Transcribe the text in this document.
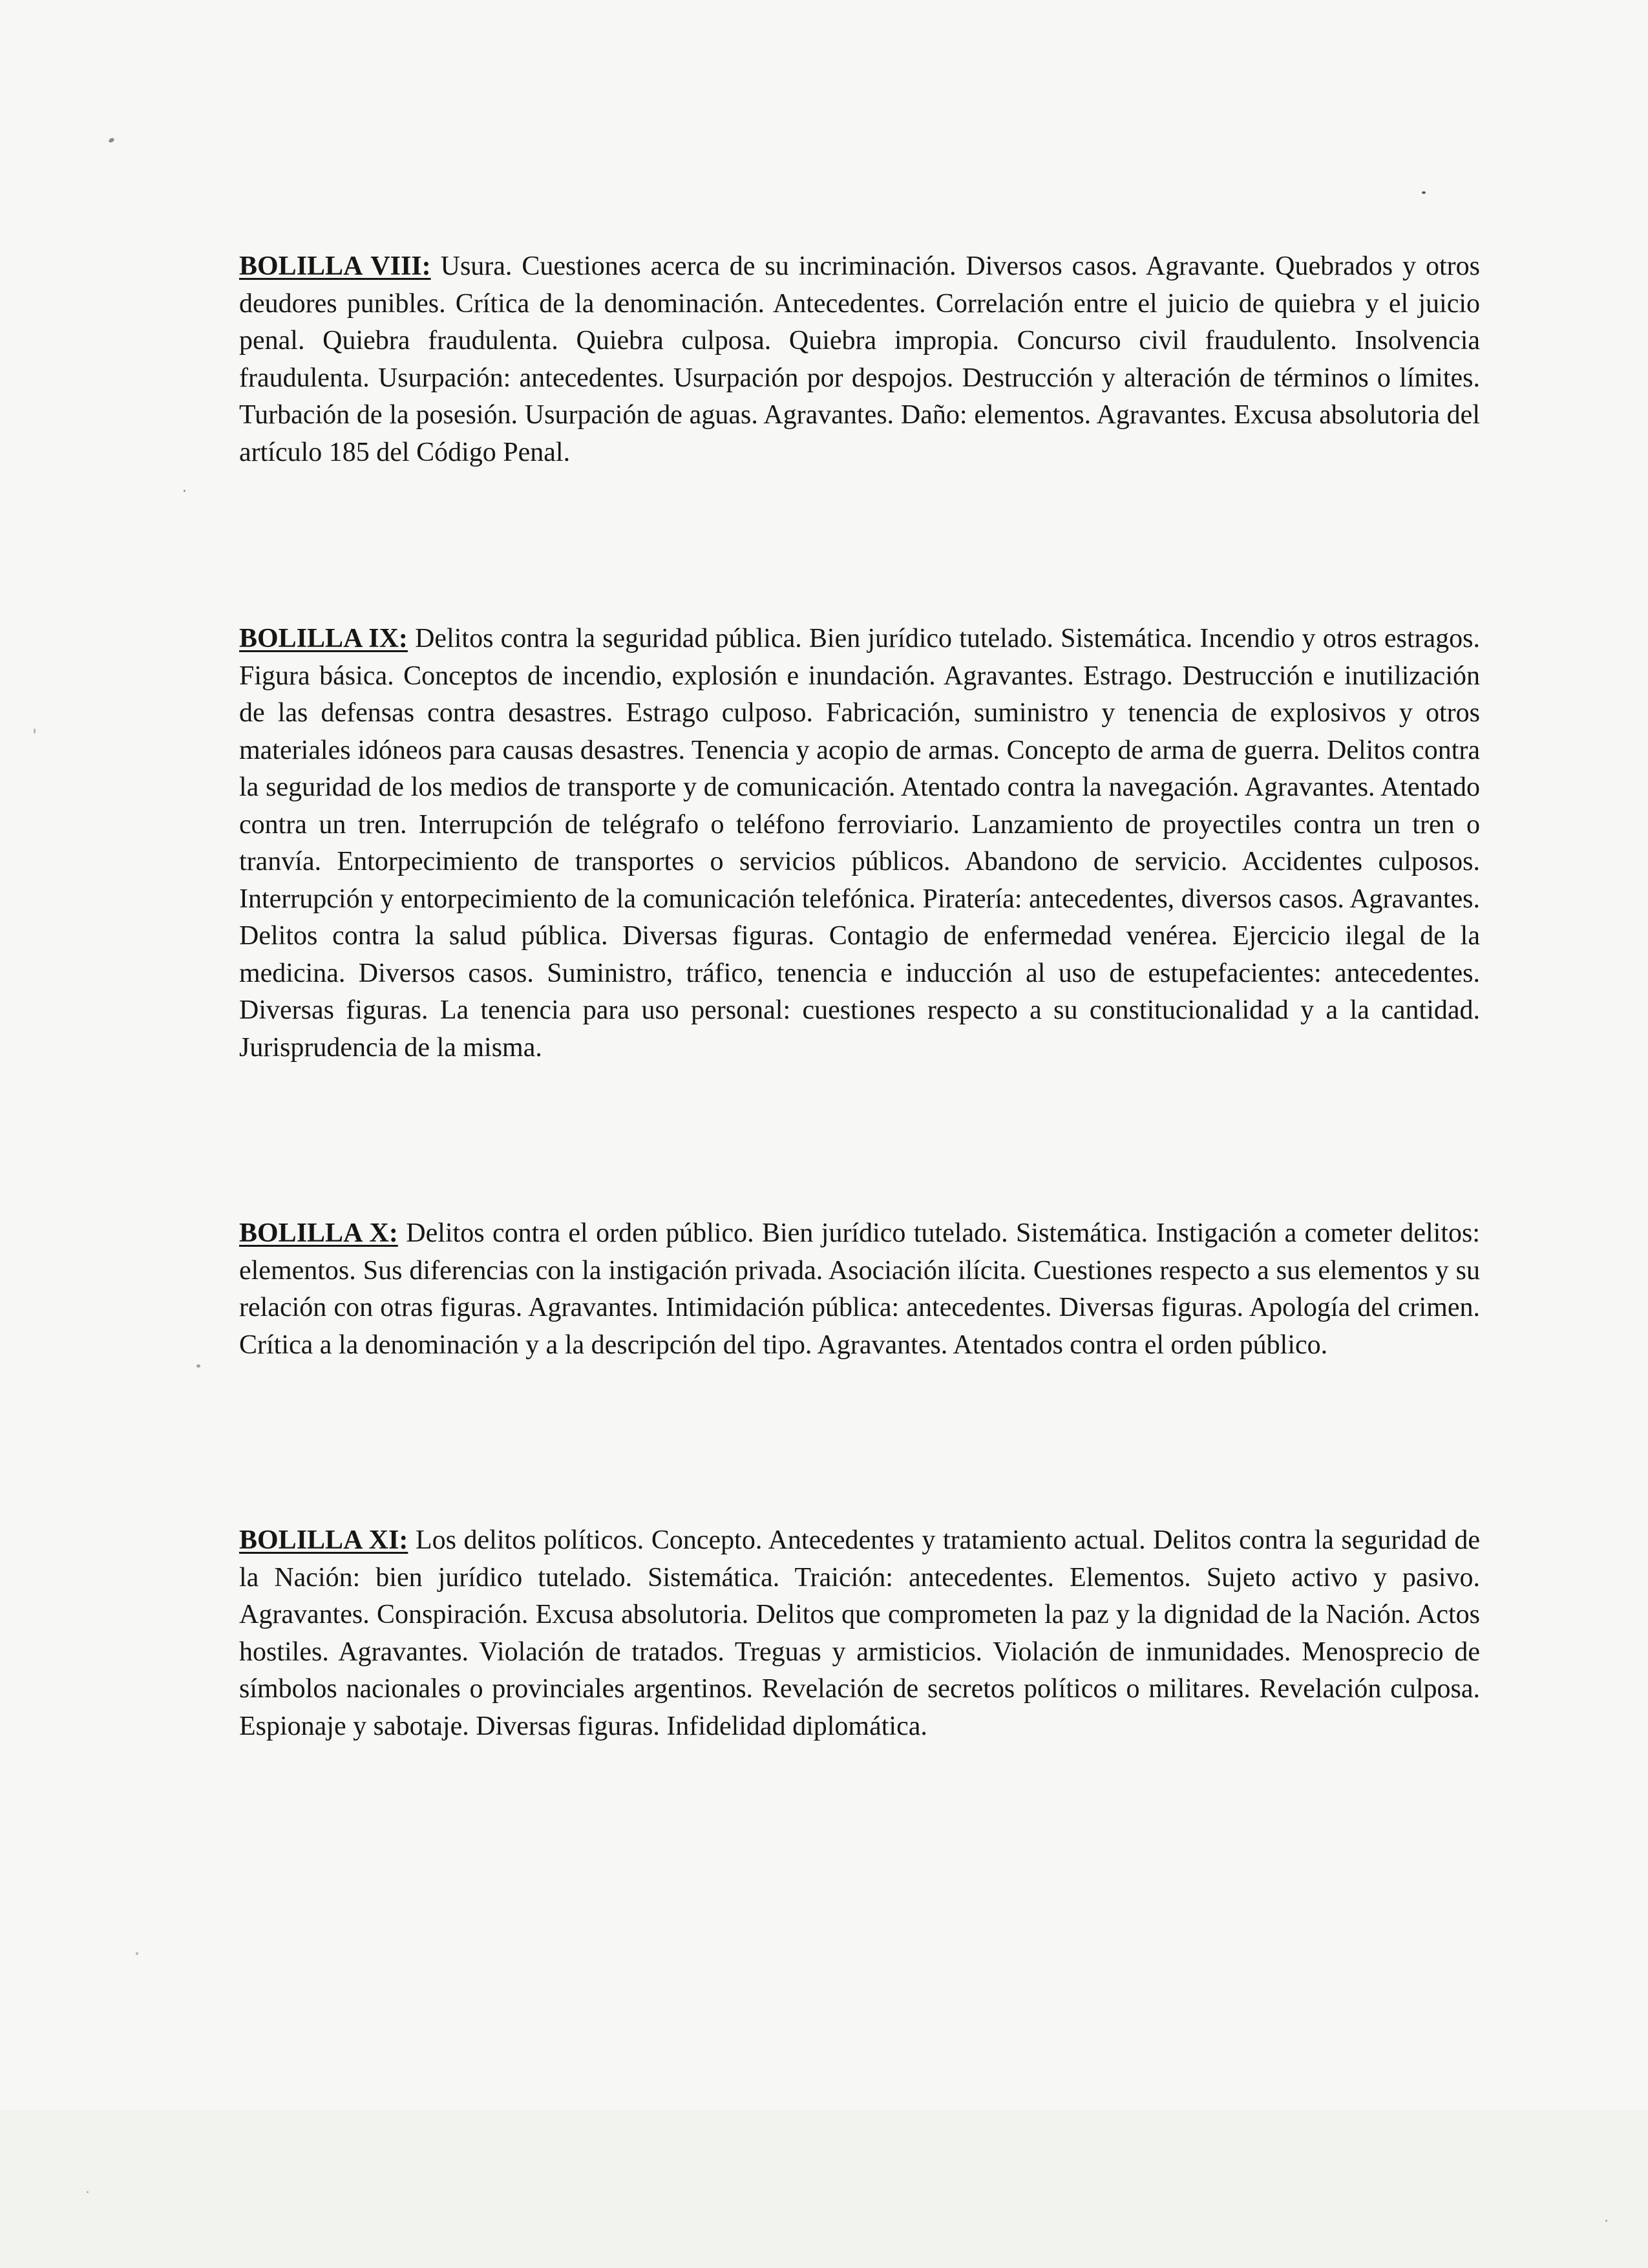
BOLILLA VIII: Usura. Cuestiones acerca de su incriminación. Diversos casos. Agravante. Quebrados y otros deudores punibles. Crítica de la denominación. Antecedentes. Correlación entre el juicio de quiebra y el juicio penal. Quiebra fraudulenta. Quiebra culposa. Quiebra impropia. Concurso civil fraudulento. Insolvencia fraudulenta. Usurpación: antecedentes. Usurpación por despojos. Destrucción y alteración de términos o límites. Turbación de la posesión. Usurpación de aguas. Agravantes. Daño: elementos. Agravantes. Excusa absolutoria del artículo 185 del Código Penal.
BOLILLA IX: Delitos contra la seguridad pública. Bien jurídico tutelado. Sistemática. Incendio y otros estragos. Figura básica. Conceptos de incendio, explosión e inundación. Agravantes. Estrago. Destrucción e inutilización de las defensas contra desastres. Estrago culposo. Fabricación, suministro y tenencia de explosivos y otros materiales idóneos para causas desastres. Tenencia y acopio de armas. Concepto de arma de guerra. Delitos contra la seguridad de los medios de transporte y de comunicación. Atentado contra la navegación. Agravantes. Atentado contra un tren. Interrupción de telégrafo o teléfono ferroviario. Lanzamiento de proyectiles contra un tren o tranvía. Entorpecimiento de transportes o servicios públicos. Abandono de servicio. Accidentes culposos. Interrupción y entorpecimiento de la comunicación telefónica. Piratería: antecedentes, diversos casos. Agravantes. Delitos contra la salud pública. Diversas figuras. Contagio de enfermedad venérea. Ejercicio ilegal de la medicina. Diversos casos. Suministro, tráfico, tenencia e inducción al uso de estupefacientes: antecedentes. Diversas figuras. La tenencia para uso personal: cuestiones respecto a su constitucionalidad y a la cantidad. Jurisprudencia de la misma.
BOLILLA X: Delitos contra el orden público. Bien jurídico tutelado. Sistemática. Instigación a cometer delitos: elementos. Sus diferencias con la instigación privada. Asociación ilícita. Cuestiones respecto a sus elementos y su relación con otras figuras. Agravantes. Intimidación pública: antecedentes. Diversas figuras. Apología del crimen. Crítica a la denominación y a la descripción del tipo. Agravantes. Atentados contra el orden público.
BOLILLA XI: Los delitos políticos. Concepto. Antecedentes y tratamiento actual. Delitos contra la seguridad de la Nación: bien jurídico tutelado. Sistemática. Traición: antecedentes. Elementos. Sujeto activo y pasivo. Agravantes. Conspiración. Excusa absolutoria. Delitos que comprometen la paz y la dignidad de la Nación. Actos hostiles. Agravantes. Violación de tratados. Treguas y armisticios. Violación de inmunidades. Menosprecio de símbolos nacionales o provinciales argentinos. Revelación de secretos políticos o militares. Revelación culposa. Espionaje y sabotaje. Diversas figuras. Infidelidad diplomática.
